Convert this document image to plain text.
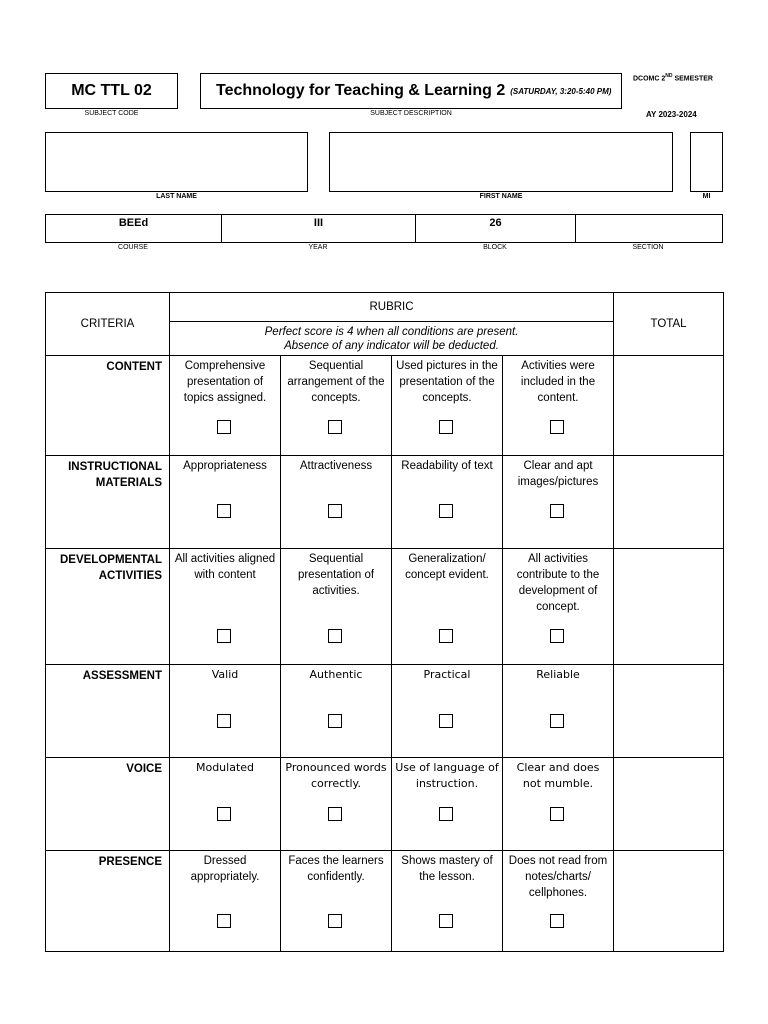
MC TTL 02
SUBJECT CODE
Technology for Teaching & Learning 2 (SATURDAY, 3:20-5:40 PM)
SUBJECT DESCRIPTION
DCOMC 2ND SEMESTER
AY 2023-2024
LAST NAME	FIRST NAME	MI
BEEd	III	26
COURSE	YEAR	BLOCK	SECTION
CRITERIA	RUBRIC				TOTAL

	Perfect score is 4 when all conditions are present.
Absence of any indicator will be deducted.				

CONTENT	Comprehensive presentation of topics assigned.	Sequential arrangement of the concepts.	Used pictures in the presentation of the concepts.	Activities were included in the content.	

INSTRUCTIONAL MATERIALS	Appropriateness	Attractiveness	Readability of text	Clear and apt images/pictures	

DEVELOPMENTAL ACTIVITIES	All activities aligned with content	Sequential presentation of activities.	Generalization/ concept evident.	All activities contribute to the development of concept.	

ASSESSMENT	Valid	Authentic	Practical	Reliable	

VOICE	Modulated	Pronounced words correctly.	Use of language of instruction.	Clear and does not mumble.	

PRESENCE	Dressed appropriately.	Faces the learners confidently.	Shows mastery of the lesson.	Does not read from notes/charts/ cellphones.	
